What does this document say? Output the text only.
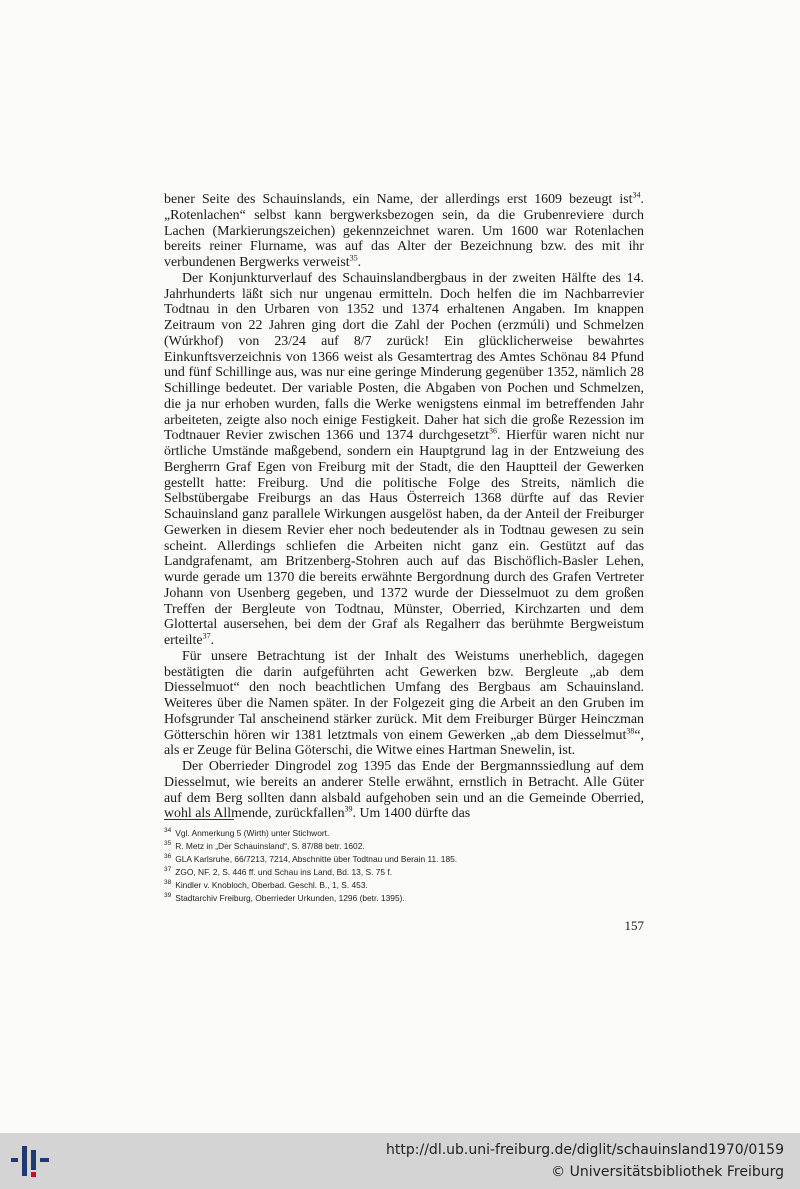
bener Seite des Schauinslands, ein Name, der allerdings erst 1609 bezeugt ist$^{34}$. „Rotenlachen“ selbst kann bergwerksbezogen sein, da die Grubenreviere durch Lachen (Markierungszeichen) gekennzeichnet waren. Um 1600 war Rotenlachen bereits reiner Flurname, was auf das Alter der Bezeichnung bzw. des mit ihr verbundenen Bergwerks verweist$^{35}$.

Der Konjunkturverlauf des Schauinslandbergbaus in der zweiten Hälfte des 14. Jahrhunderts läßt sich nur ungenau ermitteln. Doch helfen die im Nachbarrevier Todtnau in den Urbaren von 1352 und 1374 erhaltenen Angaben. Im knappen Zeitraum von 22 Jahren ging dort die Zahl der Pochen (erzmúli) und Schmelzen (Wúrkhof) von 23/24 auf 8/7 zurück! Ein glücklicherweise bewahrtes Einkunftsverzeichnis von 1366 weist als Gesamtertrag des Amtes Schönau 84 Pfund und fünf Schillinge aus, was nur eine geringe Minderung gegenüber 1352, nämlich 28 Schillinge bedeutet. Der variable Posten, die Abgaben von Pochen und Schmelzen, die ja nur erhoben wurden, falls die Werke wenigstens einmal im betreffenden Jahr arbeiteten, zeigte also noch einige Festigkeit. Daher hat sich die große Rezession im Todtnauer Revier zwischen 1366 und 1374 durchgesetzt$^{36}$. Hierfür waren nicht nur örtliche Umstände maßgebend, sondern ein Hauptgrund lag in der Entzweiung des Bergherrn Graf Egen von Freiburg mit der Stadt, die den Hauptteil der Gewerken gestellt hatte: Freiburg. Und die politische Folge des Streits, nämlich die Selbstübergabe Freiburgs an das Haus Österreich 1368 dürfte auf das Revier Schauinsland ganz parallele Wirkungen ausgelöst haben, da der Anteil der Freiburger Gewerken in diesem Revier eher noch bedeutender als in Todtnau gewesen zu sein scheint. Allerdings schliefen die Arbeiten nicht ganz ein. Gestützt auf das Landgrafenamt, am Britzenberg-Stohren auch auf das Bischöflich-Basler Lehen, wurde gerade um 1370 die bereits erwähnte Bergordnung durch des Grafen Vertreter Johann von Usenberg gegeben, und 1372 wurde der Diesselmuot zu dem großen Treffen der Bergleute von Todtnau, Münster, Oberried, Kirchzarten und dem Glottertal ausersehen, bei dem der Graf als Regalherr das berühmte Bergweistum erteilte$^{37}$.

Für unsere Betrachtung ist der Inhalt des Weistums unerheblich, dagegen bestätigten die darin aufgeführten acht Gewerken bzw. Bergleute „ab dem Diesselmuot“ den noch beachtlichen Umfang des Bergbaus am Schauinsland. Weiteres über die Namen später. In der Folgezeit ging die Arbeit an den Gruben im Hofsgrunder Tal anscheinend stärker zurück. Mit dem Freiburger Bürger Heinczman Götterschin hören wir 1381 letztmals von einem Gewerken „ab dem Diesselmut$^{38}$“, als er Zeuge für Belina Göterschi, die Witwe eines Hartman Snewelin, ist.

Der Oberrieder Dingrodel zog 1395 das Ende der Bergmannssiedlung auf dem Diesselmut, wie bereits an anderer Stelle erwähnt, ernstlich in Betracht. Alle Güter auf dem Berg sollten dann alsbald aufgehoben sein und an die Gemeinde Oberried, wohl als Allmende, zurückfallen$^{39}$. Um 1400 dürfte das

$^{34}$ Vgl. Anmerkung 5 (Wirth) unter Stichwort.
$^{35}$ R. Metz in „Der Schauinsland“, S. 87/88 betr. 1602.
$^{36}$ GLA Karlsruhe, 66/7213, 7214, Abschnitte über Todtnau und Berain 11. 185.
$^{37}$ ZGO, NF. 2, S. 446 ff. und Schau ins Land, Bd. 13, S. 75 f.
$^{38}$ Kindler v. Knobloch, Oberbad. Geschl. B., 1, S. 453.
$^{39}$ Stadtarchiv Freiburg, Oberrieder Urkunden, 1296 (betr. 1395).
157
http://dl.ub.uni-freiburg.de/diglit/schauinsland1970/0159
© Universitätsbibliothek Freiburg
